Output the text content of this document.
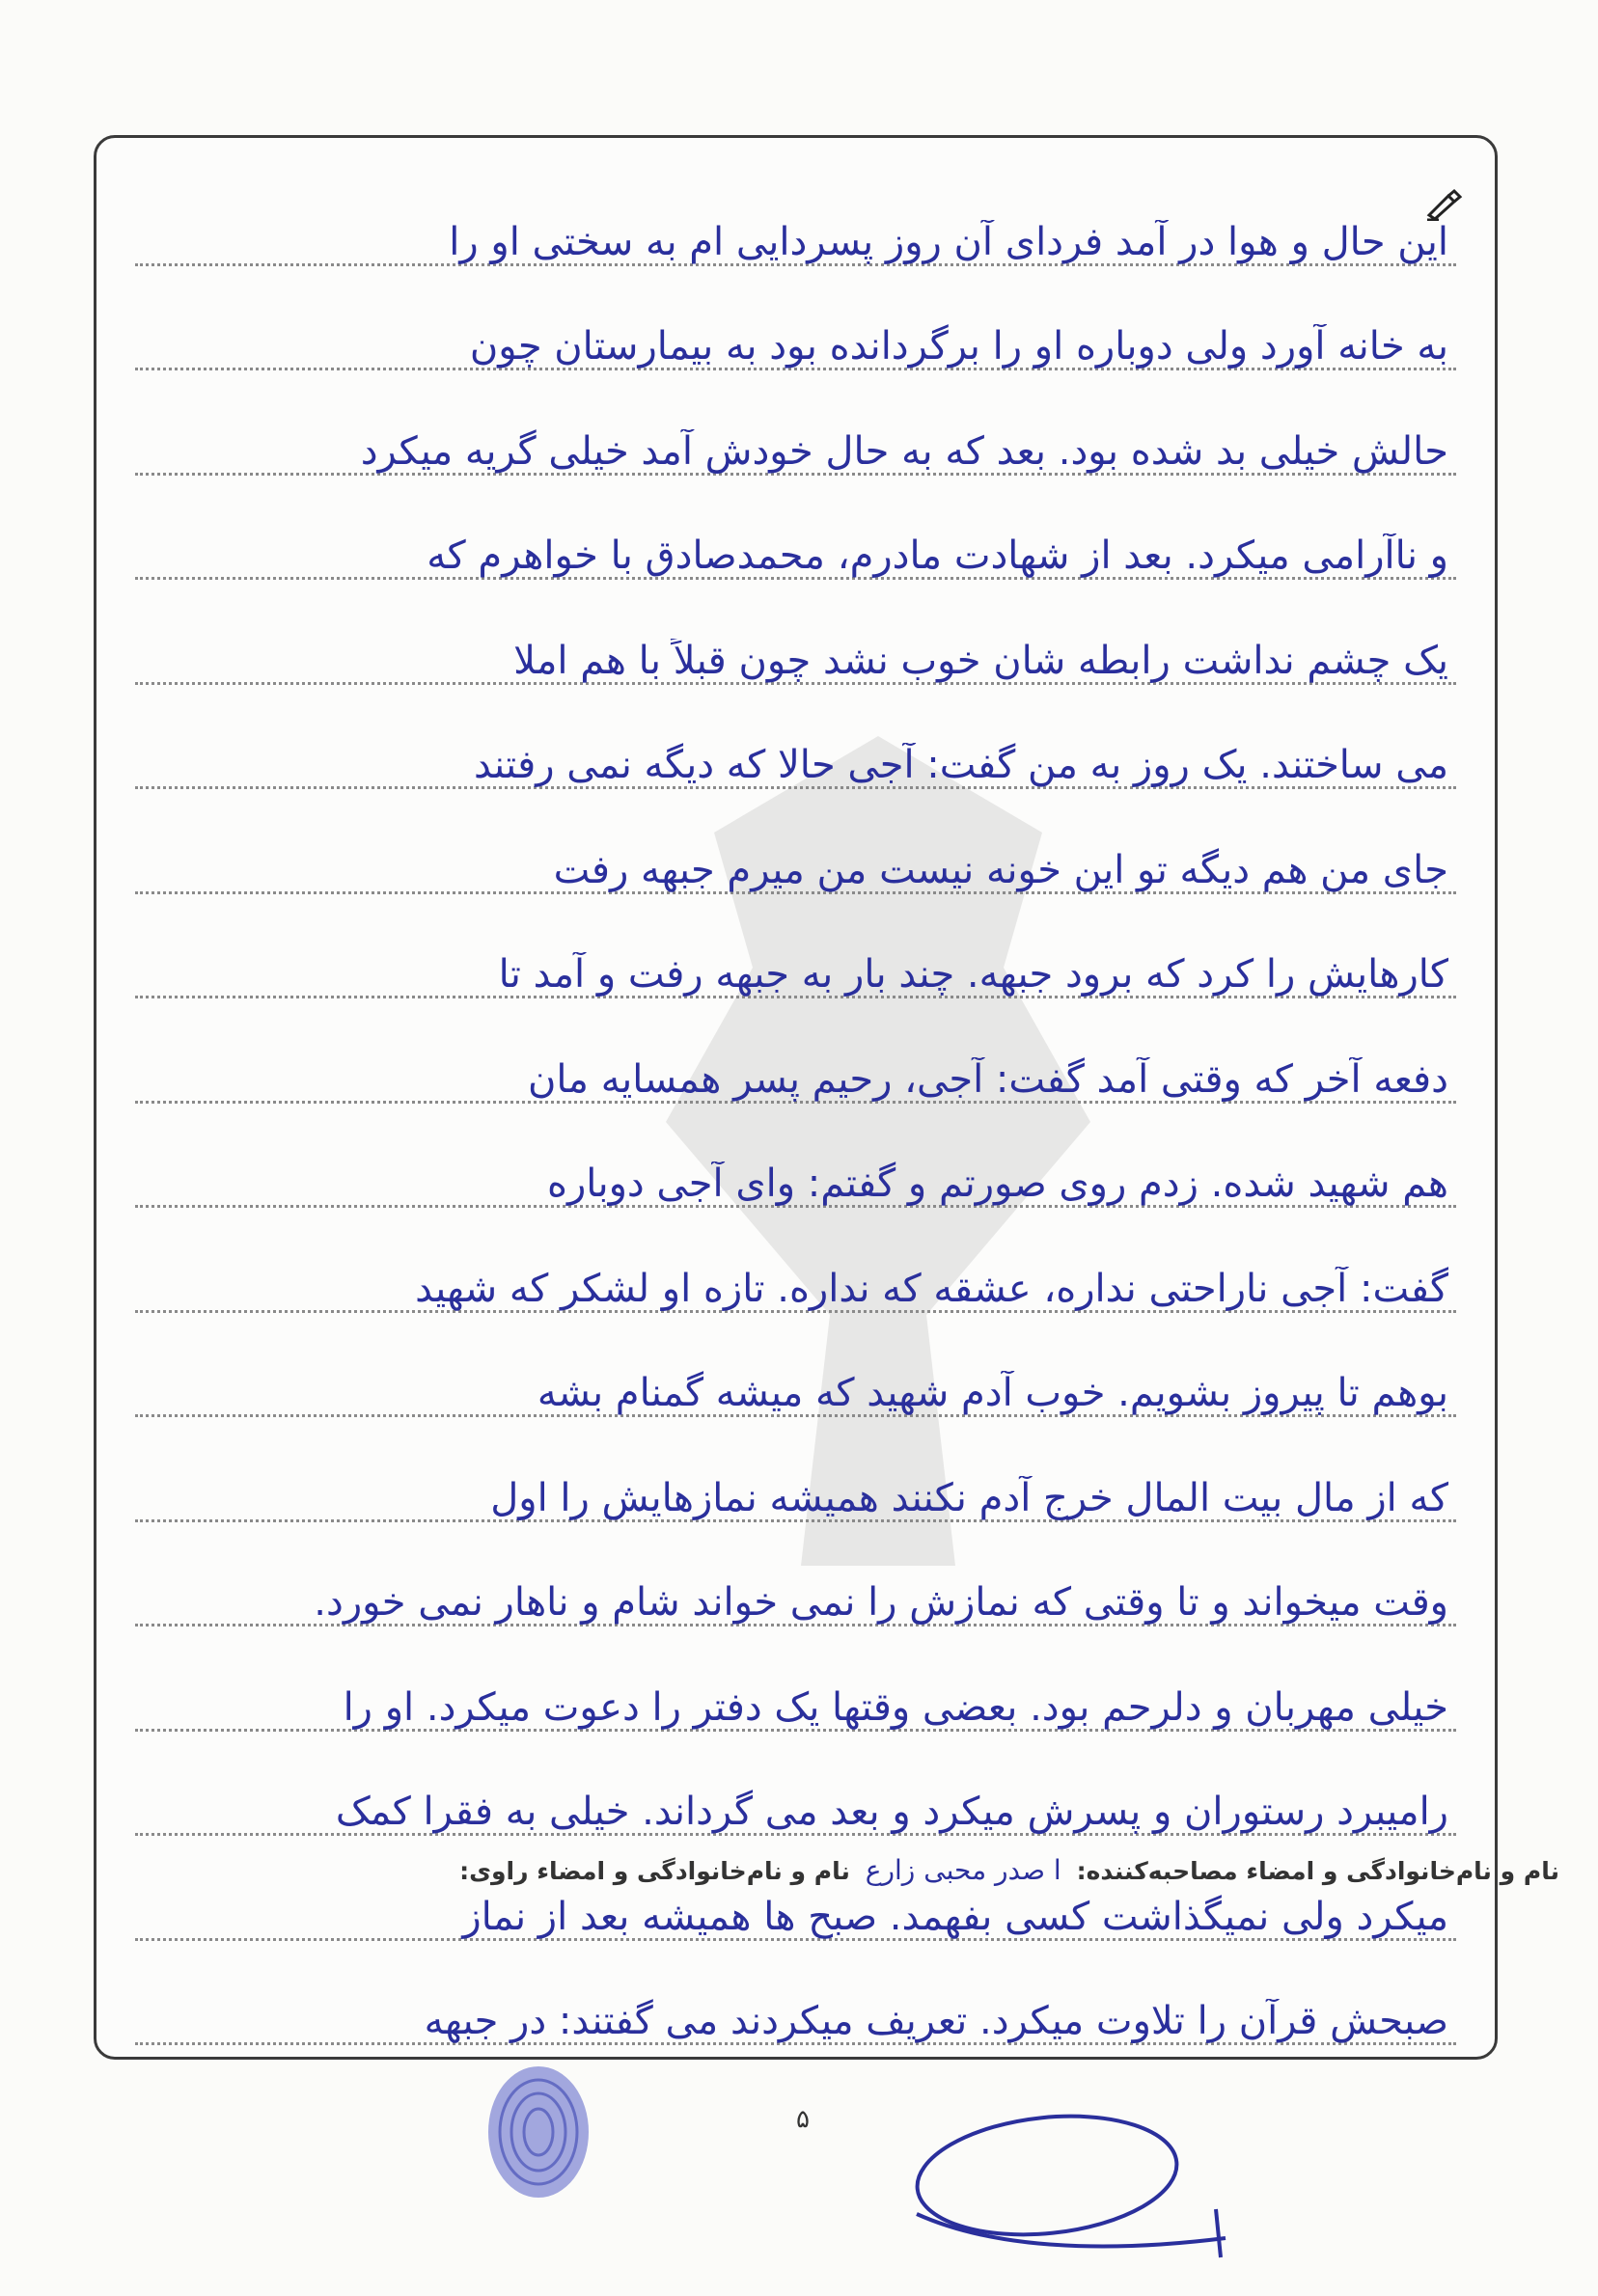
این حال و هوا در آمد فردای آن روز پسردایی ام به سختی او را
به خانه آورد ولی دوباره او را برگردانده بود به بیمارستان چون
حالش خیلی بد شده بود. بعد که به حال خودش آمد خیلی گریه میکرد
و ناآرامی میکرد. بعد از شهادت مادرم، محمدصادق با خواهرم که
یک چشم نداشت رابطه شان خوب نشد چون قبلاً با هم املا
می ساختند. یک روز به من گفت: آجی حالا که دیگه نمی رفتند
جای من هم دیگه تو این خونه نیست من میرم جبهه رفت
کارهایش را کرد که برود جبهه. چند بار به جبهه رفت و آمد تا
دفعه آخر که وقتی آمد گفت: آجی، رحیم پسر همسایه مان
هم شهید شده. زدم روی صورتم و گفتم: وای آجی دوباره
گفت: آجی ناراحتی نداره، عشقه که نداره. تازه او لشکر که شهید
بوهم تا پیروز بشویم. خوب آدم شهید که میشه گمنام بشه
که از مال بیت المال خرج آدم نکنند همیشه نمازهایش را اول
وقت میخواند و تا وقتی که نمازش را نمی خواند شام و ناهار نمی خورد.
خیلی مهربان و دلرحم بود. بعضی وقتها یک دفتر را دعوت میکرد. او را
رامیبرد رستوران و پسرش میکرد و بعد می گرداند. خیلی به فقرا کمک
میکرد ولی نمیگذاشت کسی بفهمد. صبح ها همیشه بعد از نماز
صبحش قرآن را تلاوت میکرد. تعریف میکردند می گفتند: در جبهه
نام و نام‌خانوادگی و امضاء مصاحبه‌کننده: ا صدر محبی زارع نام و نام‌خانوادگی و امضاء راوی:
۵
